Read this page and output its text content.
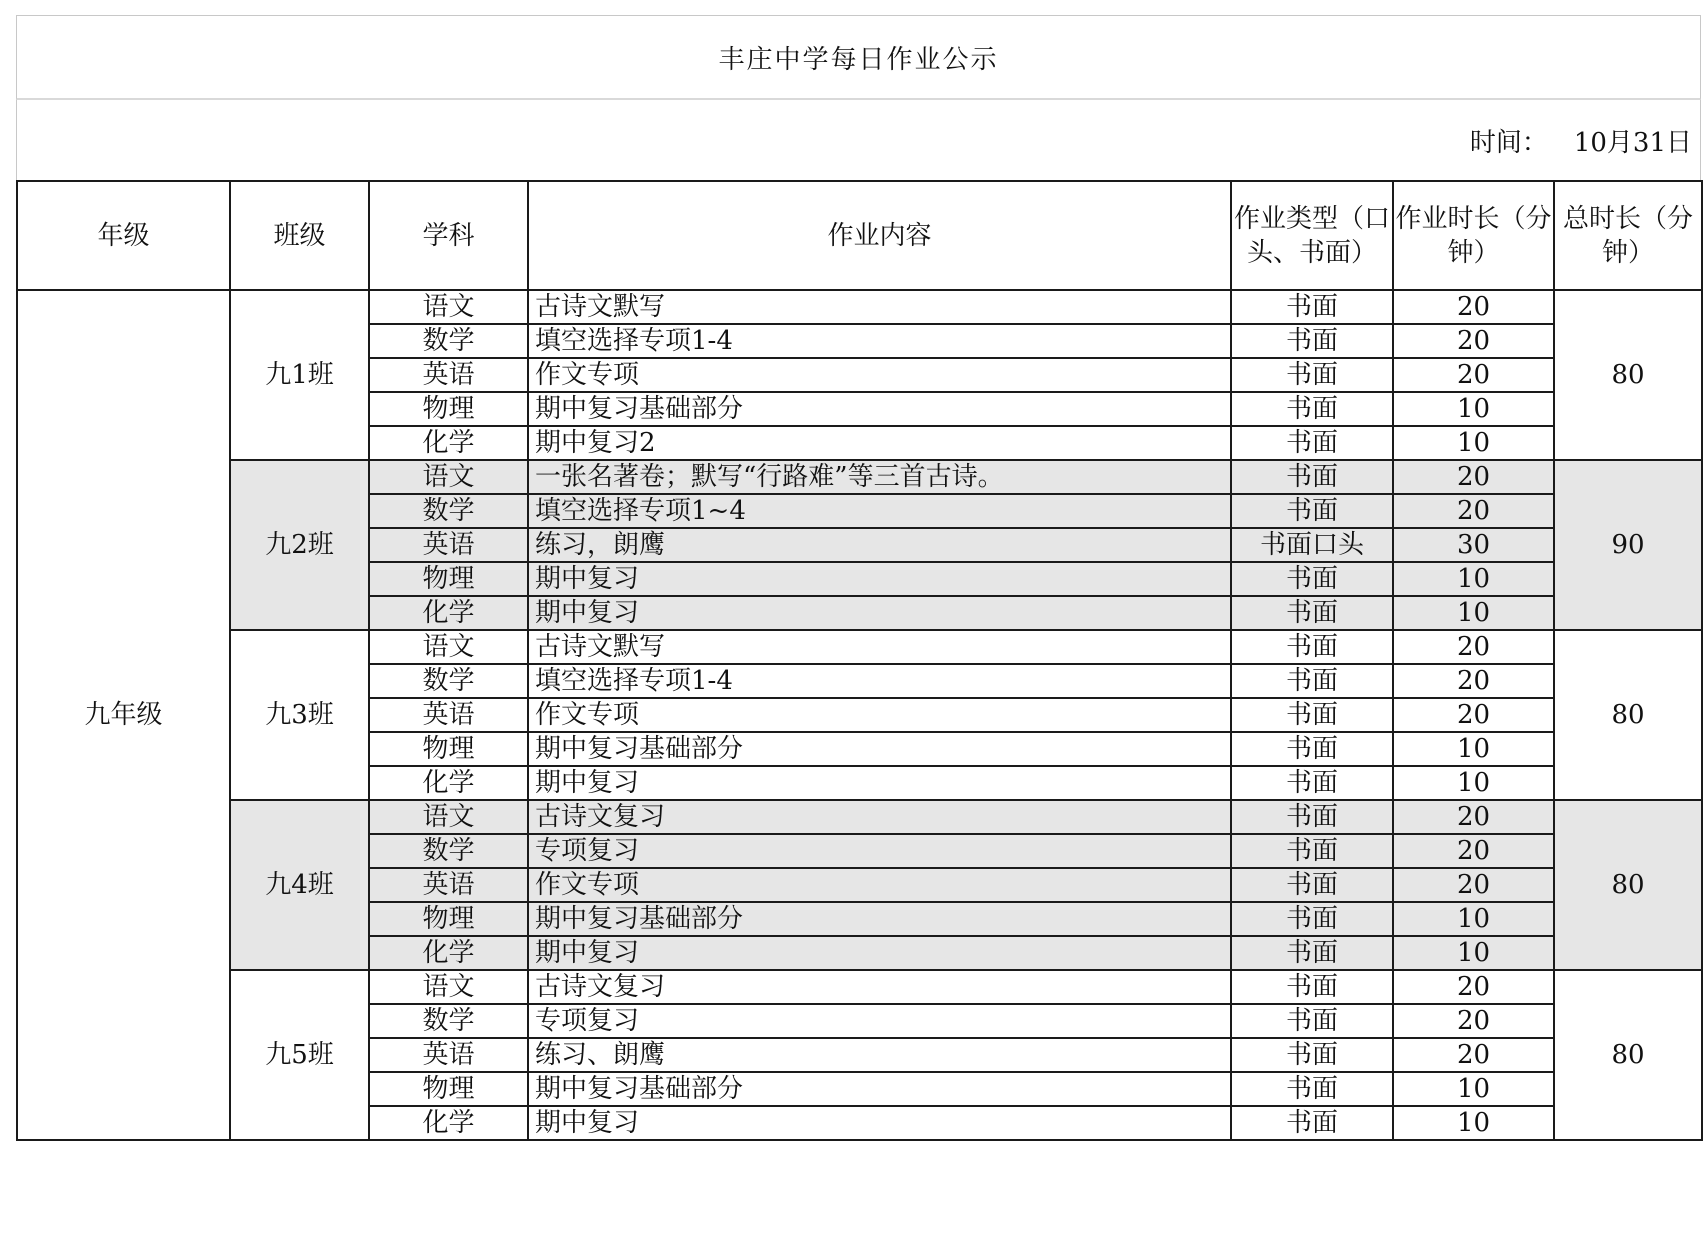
丰庄中学每日作业公示
时间： 10月31日
年级	班级	学科	作业内容	作业类型（口头、书面）	作业时长（分钟）	总时长（分钟）
九年级	九1班	语文	古诗文默写	书面	20	80
		数学	填空选择专项1-4	书面	20	
		英语	作文专项	书面	20	
		物理	期中复习基础部分	书面	10	
		化学	期中复习2	书面	10	
	九2班	语文	一张名著卷；默写“行路难”等三首古诗。	书面	20	90
		数学	填空选择专项1~4	书面	20	
		英语	练习，朗鹰	书面口头	30	
		物理	期中复习	书面	10	
		化学	期中复习	书面	10	
	九3班	语文	古诗文默写	书面	20	80
		数学	填空选择专项1-4	书面	20	
		英语	作文专项	书面	20	
		物理	期中复习基础部分	书面	10	
		化学	期中复习	书面	10	
	九4班	语文	古诗文复习	书面	20	80
		数学	专项复习	书面	20	
		英语	作文专项	书面	20	
		物理	期中复习基础部分	书面	10	
		化学	期中复习	书面	10	
	九5班	语文	古诗文复习	书面	20	80
		数学	专项复习	书面	20	
		英语	练习、朗鹰	书面	20	
		物理	期中复习基础部分	书面	10	
		化学	期中复习	书面	10	
